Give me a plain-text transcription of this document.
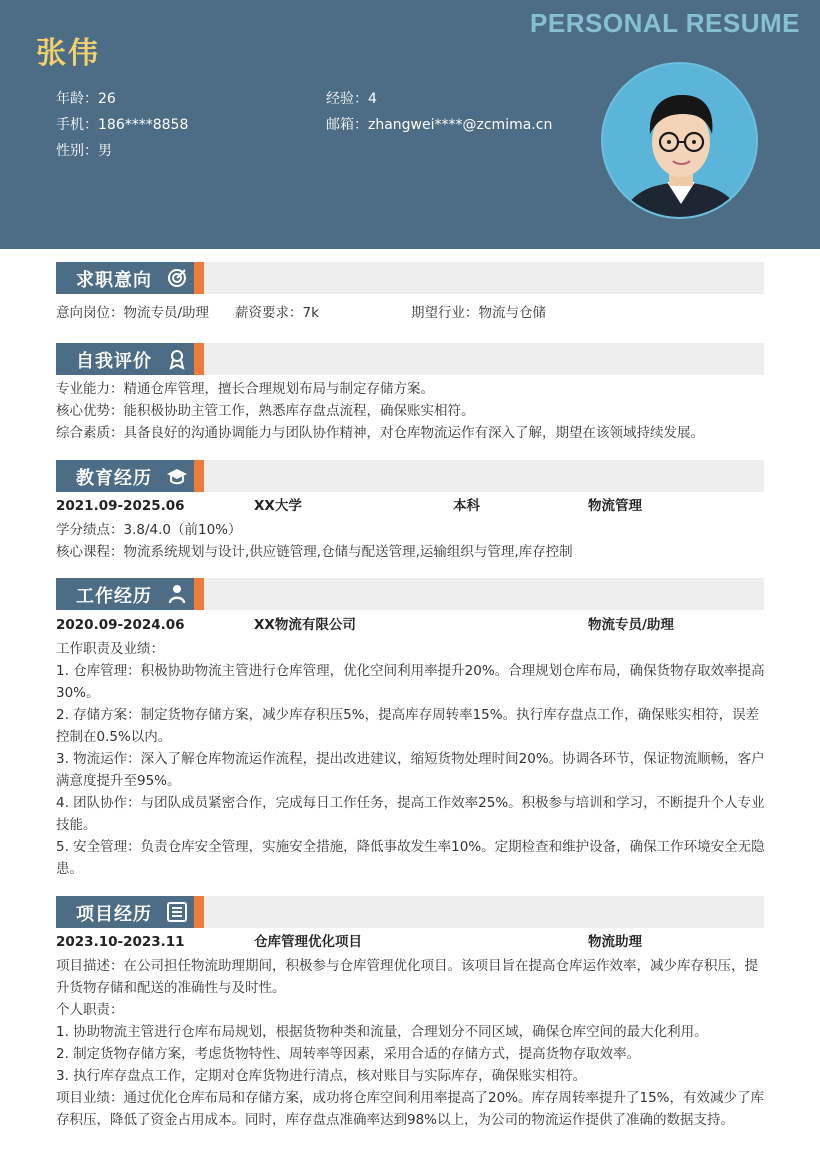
PERSONAL RESUME
张伟
年龄：26	经验：4
手机：186****8858	邮箱：zhangwei****@zcmima.cn
性别：男
求职意向
意向岗位：物流专员/助理 薪资要求：7k	期望行业：物流与仓储
自我评价
专业能力：精通仓库管理，擅长合理规划布局与制定存储方案。
核心优势：能积极协助主管工作，熟悉库存盘点流程，确保账实相符。
综合素质：具备良好的沟通协调能力与团队协作精神，对仓库物流运作有深入了解，期望在该领域持续发展。
教育经历
2021.09-2025.06	XX大学	本科	物流管理
学分绩点：3.8/4.0（前10%）
核心课程：物流系统规划与设计,供应链管理,仓储与配送管理,运输组织与管理,库存控制
工作经历
2020.09-2024.06	XX物流有限公司	物流专员/助理
工作职责及业绩：
1. 仓库管理：积极协助物流主管进行仓库管理，优化空间利用率提升20%。合理规划仓库布局，确保货物存取效率提高30%。
2. 存储方案：制定货物存储方案，减少库存积压5%，提高库存周转率15%。执行库存盘点工作，确保账实相符，误差控制在0.5%以内。
3. 物流运作：深入了解仓库物流运作流程，提出改进建议，缩短货物处理时间20%。协调各环节，保证物流顺畅，客户满意度提升至95%。
4. 团队协作：与团队成员紧密合作，完成每日工作任务，提高工作效率25%。积极参与培训和学习，不断提升个人专业技能。
5. 安全管理：负责仓库安全管理，实施安全措施，降低事故发生率10%。定期检查和维护设备，确保工作环境安全无隐患。
项目经历
2023.10-2023.11	仓库管理优化项目	物流助理
项目描述：在公司担任物流助理期间，积极参与仓库管理优化项目。该项目旨在提高仓库运作效率，减少库存积压，提升货物存储和配送的准确性与及时性。
个人职责：
1. 协助物流主管进行仓库布局规划，根据货物种类和流量，合理划分不同区域，确保仓库空间的最大化利用。
2. 制定货物存储方案，考虑货物特性、周转率等因素，采用合适的存储方式，提高货物存取效率。
3. 执行库存盘点工作，定期对仓库货物进行清点，核对账目与实际库存，确保账实相符。
项目业绩：通过优化仓库布局和存储方案，成功将仓库空间利用率提高了20%。库存周转率提升了15%，有效减少了库存积压，降低了资金占用成本。同时，库存盘点准确率达到98%以上，为公司的物流运作提供了准确的数据支持。
